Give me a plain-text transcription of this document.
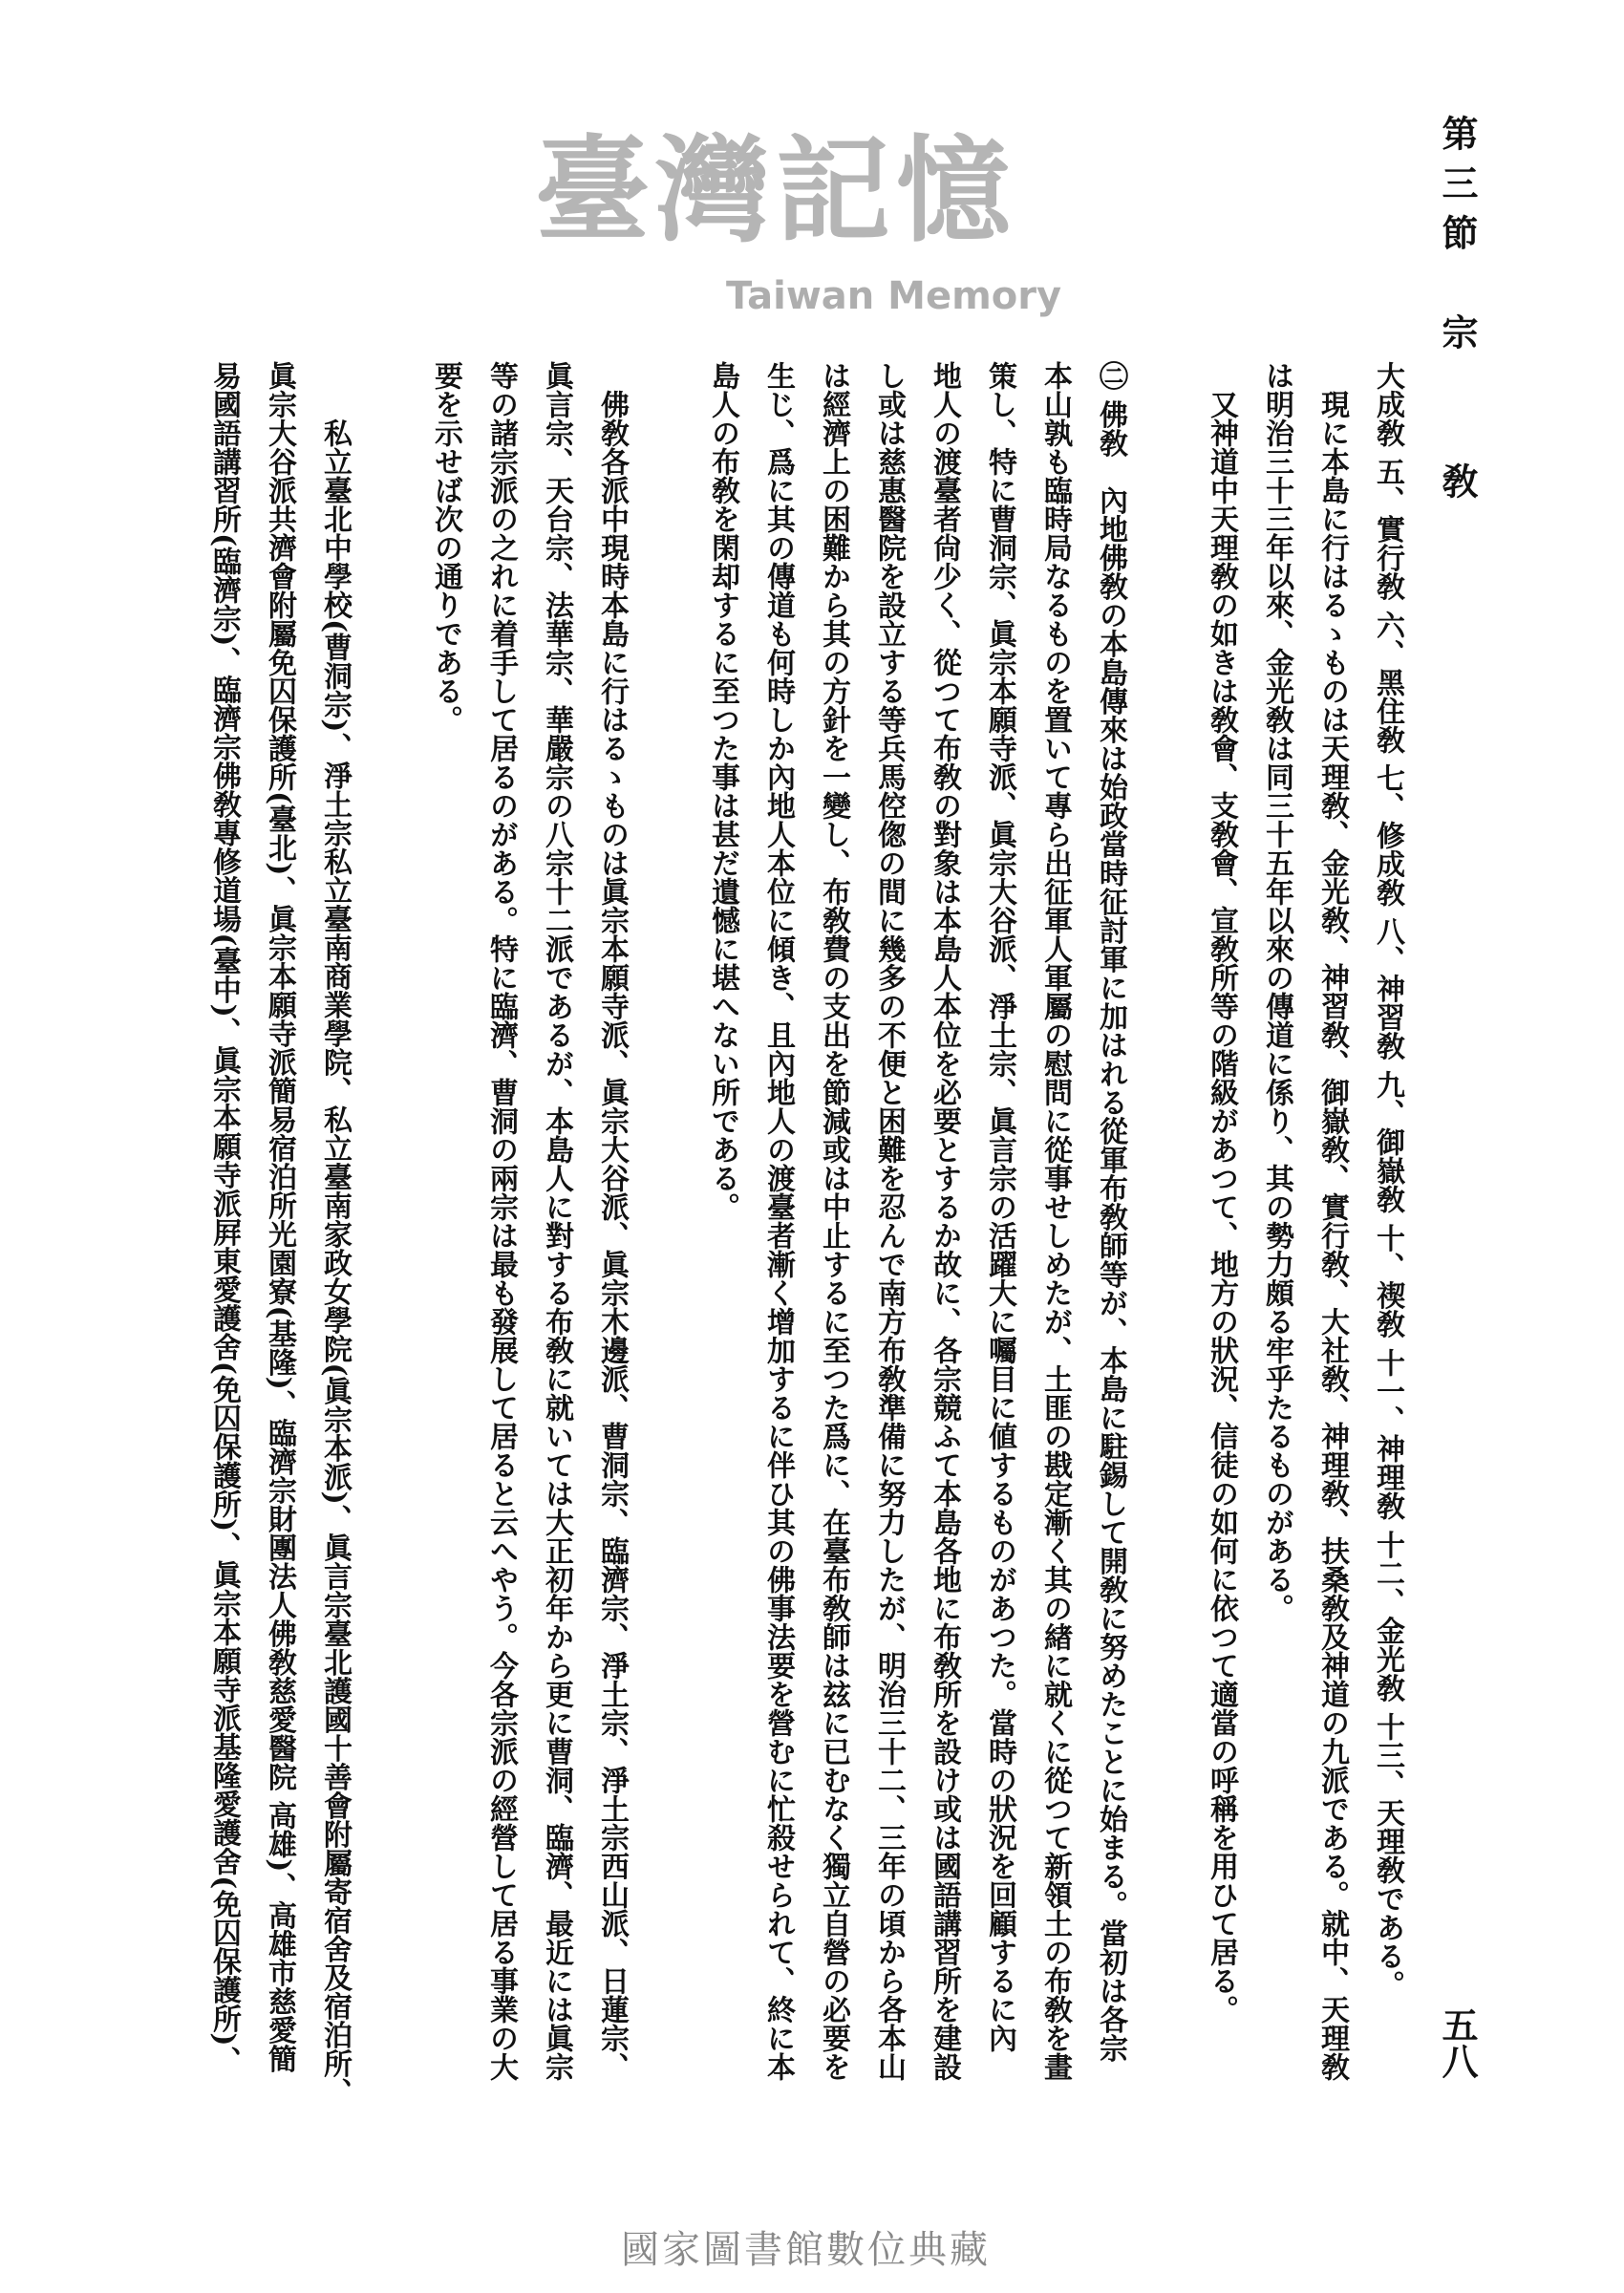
第三節　宗　　敎
五八
大成敎 五、實行敎 六、黑住敎 七、修成敎 八、神習敎 九、御嶽敎 十、禊敎 十一、神理敎 十二、金光敎 十三、天理敎である。
　現に本島に行はるゝものは天理敎、金光敎、神習敎、御嶽敎、實行敎、大社敎、神理敎、扶桑敎及神道の九派である。就中、天理敎
は明治三十三年以來、金光敎は同三十五年以來の傳道に係り、其の勢力頗る牢乎たるものがある。
　又神道中天理敎の如きは敎會、支敎會、宣敎所等の階級があつて、地方の狀況、信徒の如何に依つて適當の呼稱を用ひて居る。
㊁ 佛敎　內地佛敎の本島傳來は始政當時征討軍に加はれる從軍布敎師等が、本島に駐錫して開敎に努めたことに始まる。當初は各宗
本山孰も臨時局なるものを置いて專ら出征軍人軍屬の慰問に從事せしめたが、土匪の戡定漸く其の緖に就くに從つて新領土の布敎を畫
策し、特に曹洞宗、眞宗本願寺派、眞宗大谷派、淨土宗、眞言宗の活躍大に囑目に値するものがあつた。當時の狀況を回顧するに內
地人の渡臺者尙少く、從つて布敎の對象は本島人本位を必要とするか故に、各宗競ふて本島各地に布敎所を設け或は國語講習所を建設
し或は慈惠醫院を設立する等兵馬倥偬の間に幾多の不便と困難を忍んで南方布敎準備に努力したが、明治三十二、三年の頃から各本山
は經濟上の困難から其の方針を一變し、布敎費の支出を節減或は中止するに至つた爲に、在臺布敎師は玆に已むなく獨立自營の必要を
生じ、爲に其の傳道も何時しか內地人本位に傾き、且內地人の渡臺者漸く增加するに伴ひ其の佛事法要を營むに忙殺せられて、終に本
島人の布敎を閑却するに至つた事は甚だ遺憾に堪へない所である。
　佛敎各派中現時本島に行はるゝものは眞宗本願寺派、眞宗大谷派、眞宗木邊派、曹洞宗、臨濟宗、淨土宗、淨土宗西山派、日蓮宗、
眞言宗、天台宗、法華宗、華嚴宗の八宗十二派であるが、本島人に對する布敎に就いては大正初年から更に曹洞、臨濟、最近には眞宗
等の諸宗派の之れに着手して居るのがある。特に臨濟、曹洞の兩宗は最も發展して居ると云へやう。今各宗派の經營して居る事業の大
要を示せば次の通りである。
　　私立臺北中學校(曹洞宗)、淨土宗私立臺南商業學院、私立臺南家政女學院(眞宗本派)、眞言宗臺北護國十善會附屬寄宿舍及宿泊所、
眞宗大谷派共濟會附屬免囚保護所(臺北)、眞宗本願寺派簡易宿泊所光園寮(基隆)、臨濟宗財團法人佛敎慈愛醫院 高雄)、高雄市慈愛簡
易國語講習所(臨濟宗)、臨濟宗佛敎專修道場(臺中)、眞宗本願寺派屛東愛護舍(免囚保護所)、眞宗本願寺派基隆愛護舍(免囚保護所)、
臺灣記憶
Taiwan Memory
國家圖書館數位典藏
